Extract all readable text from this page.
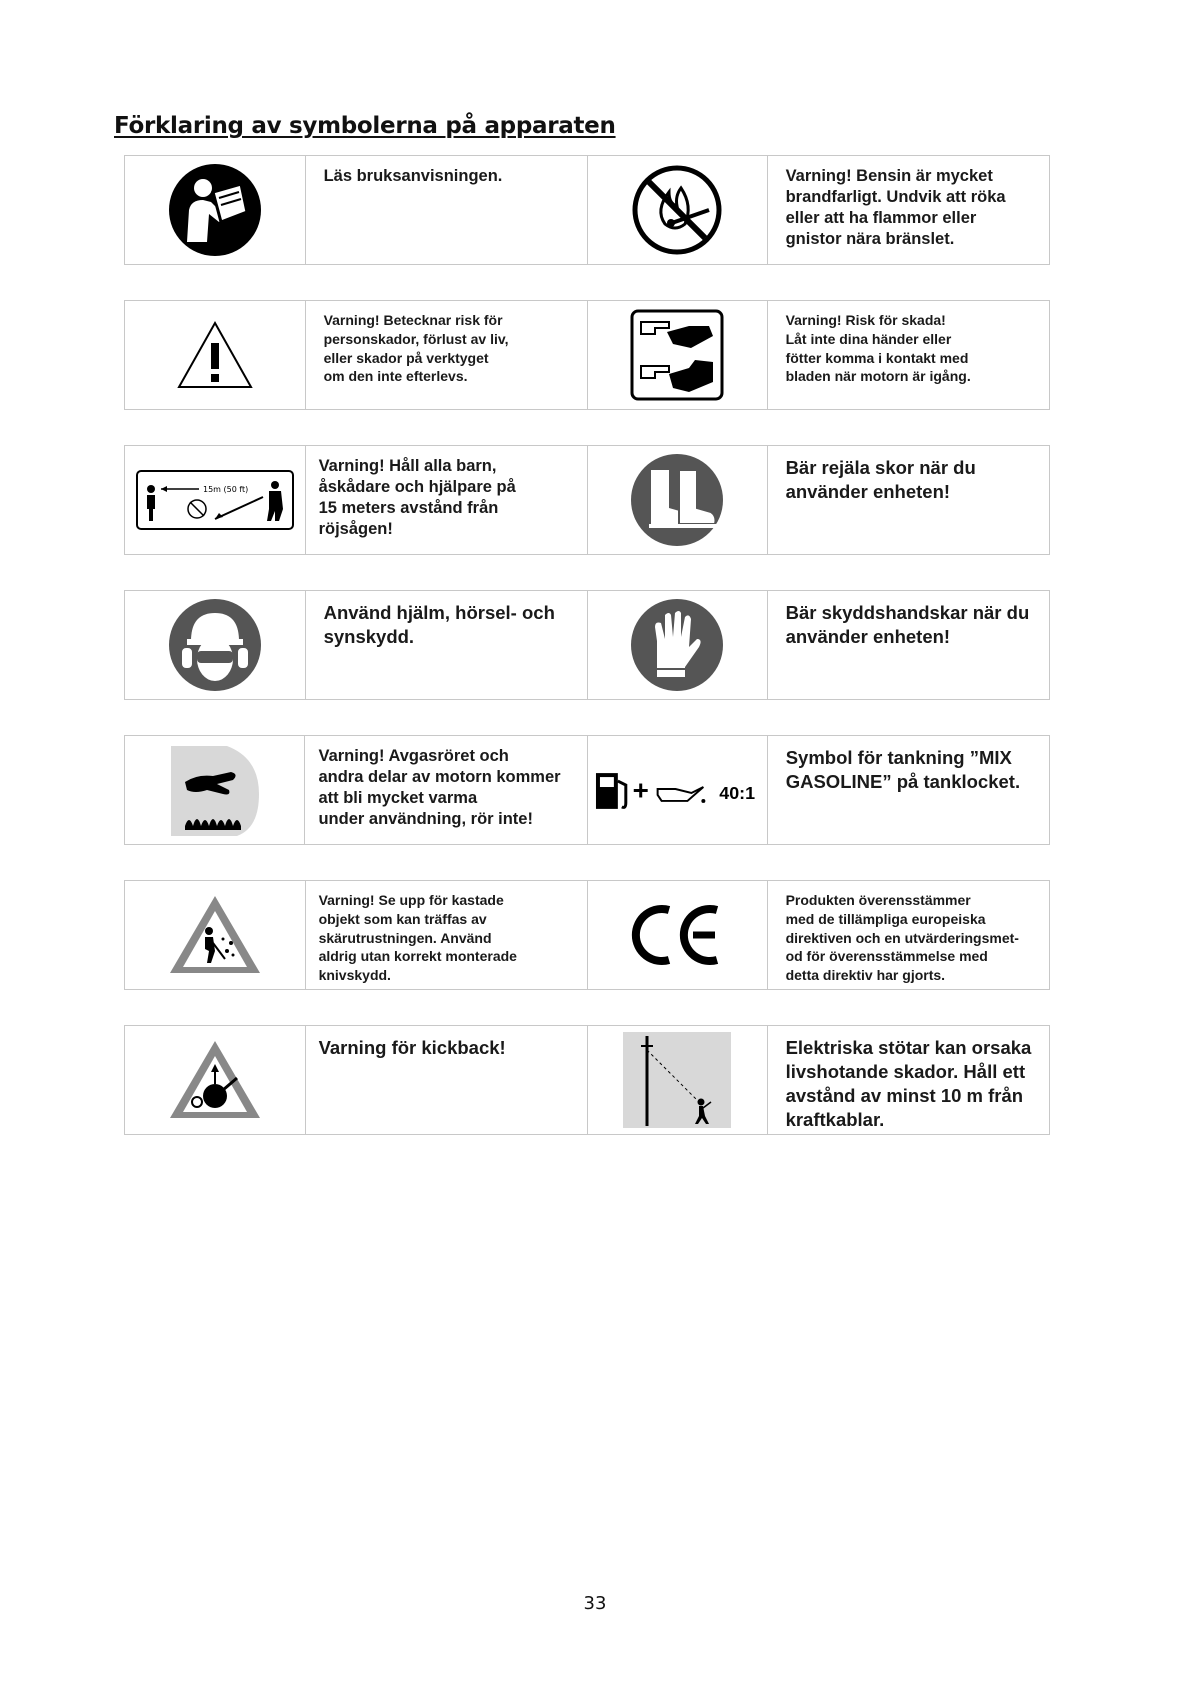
Förklaring av symbolerna på apparaten
Läs bruksanvisningen.	Varning! Bensin är mycket
brandfarligt. Undvik att röka
eller att ha flammor eller
gnistor nära bränslet.
Varning! Betecknar risk för
personskador, förlust av liv,
eller skador på verktyget
om den inte efterlevs.
Varning! Risk för skada!
Låt inte dina händer eller
fötter komma i kontakt med
bladen när motorn är igång.
15m (50 ft)
Varning! Håll alla barn,
åskådare och hjälpare på
15 meters avstånd från
röjsågen!
Bär rejäla skor när du
använder enheten!
Använd hjälm, hörsel- och
synskydd.
Bär skyddshandskar när du
använder enheten!
Varning! Avgasröret och
andra delar av motorn kommer
att bli mycket varma
under användning, rör inte!
40:1
Symbol för tankning ”MIX
GASOLINE” på tanklocket.
Varning! Se upp för kastade
objekt som kan träffas av
skärutrustningen. Använd
aldrig utan korrekt monterade
knivskydd.
Produkten överensstämmer
med de tillämpliga europeiska
direktiven och en utvärderingsmet-
od för överensstämmelse med
detta direktiv har gjorts.
Varning för kickback!	Elektriska stötar kan orsaka
livshotande skador. Håll ett
avstånd av minst 10 m från
kraftkablar.
33
